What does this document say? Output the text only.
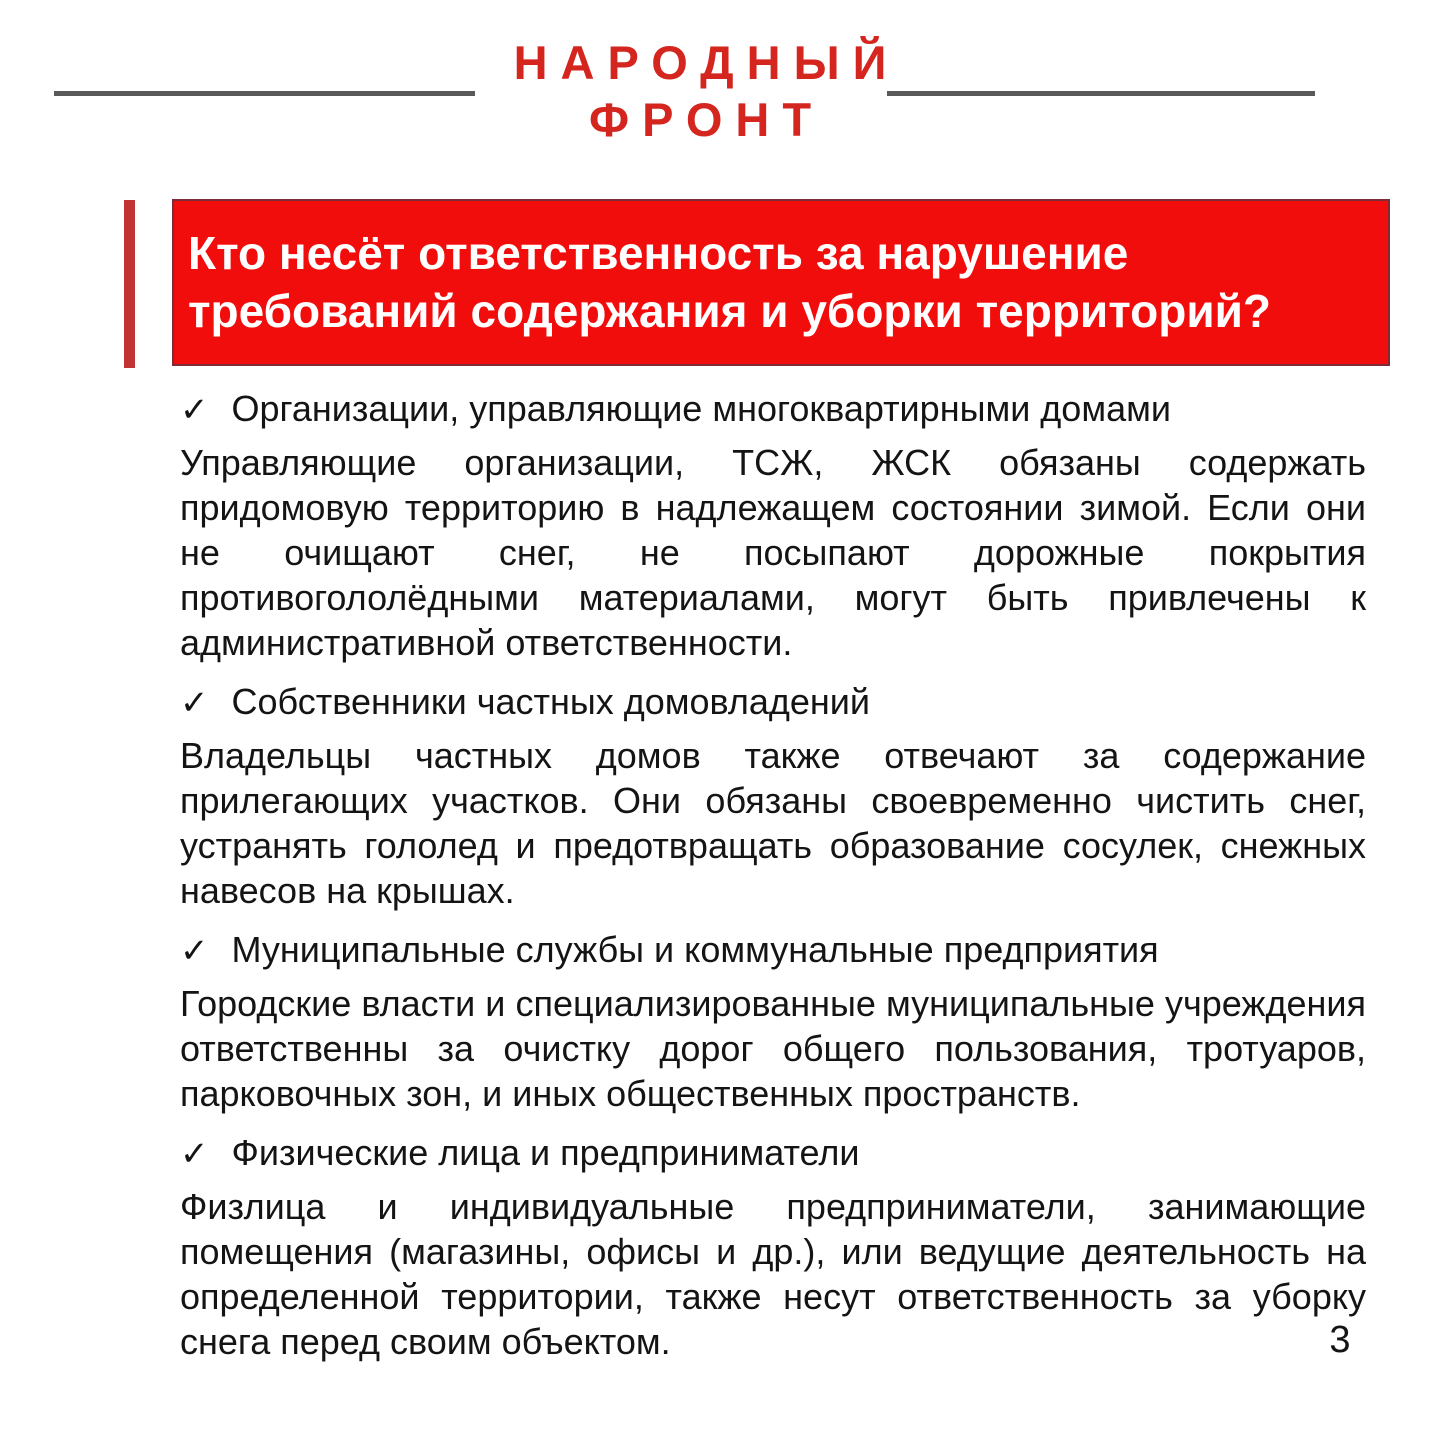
НАРОДНЫЙ
ФРОНТ
Кто несёт ответственность за нарушение
требований содержания и уборки территорий?
✓ Организации, управляющие многоквартирными домами

Управляющие организации, ТСЖ, ЖСК обязаны содержать придомовую территорию в надлежащем состоянии зимой. Если они не очищают снег, не посыпают дорожные покрытия противогололёдными материалами, могут быть привлечены к административной ответственности.

✓ Собственники частных домовладений

Владельцы частных домов также отвечают за содержание прилегающих участков. Они обязаны своевременно чистить снег, устранять гололед и предотвращать образование сосулек, снежных навесов на крышах.

✓ Муниципальные службы и коммунальные предприятия

Городские власти и специализированные муниципальные учреждения ответственны за очистку дорог общего пользования, тротуаров, парковочных зон, и иных общественных пространств.

✓ Физические лица и предприниматели

Физлица и индивидуальные предприниматели, занимающие помещения (магазины, офисы и др.), или ведущие деятельность на определенной территории, также несут ответственность за уборку снега перед своим объектом.	3
